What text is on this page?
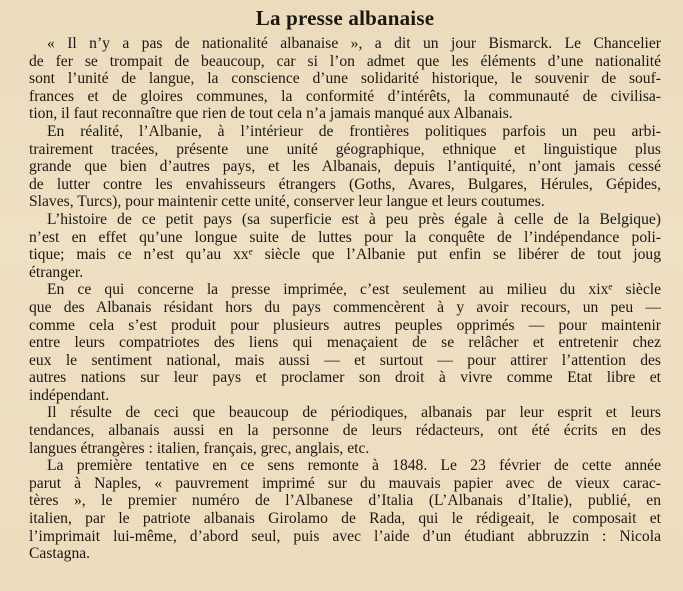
La presse albanaise
« Il n’y a pas de nationalité albanaise », a dit un jour Bismarck. Le Chancelier
de fer se trompait de beaucoup, car si l’on admet que les éléments d’une nationalité
sont l’unité de langue, la conscience d’une solidarité historique, le souvenir de souf-
frances et de gloires communes, la conformité d’intérêts, la communauté de civilisa-
tion, il faut reconnaître que rien de tout cela n’a jamais manqué aux Albanais.
En réalité, l’Albanie, à l’intérieur de frontières politiques parfois un peu arbi-
trairement tracées, présente une unité géographique, ethnique et linguistique plus
grande que bien d’autres pays, et les Albanais, depuis l’antiquité, n’ont jamais cessé
de lutter contre les envahisseurs étrangers (Goths, Avares, Bulgares, Hérules, Gépides,
Slaves, Turcs), pour maintenir cette unité, conserver leur langue et leurs coutumes.
L’histoire de ce petit pays (sa superficie est à peu près égale à celle de la Belgique)
n’est en effet qu’une longue suite de luttes pour la conquête de l’indépendance poli-
tique; mais ce n’est qu’au xxᵉ siècle que l’Albanie put enfin se libérer de tout joug
étranger.
En ce qui concerne la presse imprimée, c’est seulement au milieu du xixᵉ siècle
que des Albanais résidant hors du pays commencèrent à y avoir recours, un peu —
comme cela s’est produit pour plusieurs autres peuples opprimés — pour maintenir
entre leurs compatriotes des liens qui menaçaient de se relâcher et entretenir chez
eux le sentiment national, mais aussi — et surtout — pour attirer l’attention des
autres nations sur leur pays et proclamer son droit à vivre comme Etat libre et
indépendant.
Il résulte de ceci que beaucoup de périodiques, albanais par leur esprit et leurs
tendances, albanais aussi en la personne de leurs rédacteurs, ont été écrits en des
langues étrangères : italien, français, grec, anglais, etc.
La première tentative en ce sens remonte à 1848. Le 23 février de cette année
parut à Naples, « pauvrement imprimé sur du mauvais papier avec de vieux carac-
tères », le premier numéro de l’Albanese d’Italia (L’Albanais d’Italie), publié, en
italien, par le patriote albanais Girolamo de Rada, qui le rédigeait, le composait et
l’imprimait lui-même, d’abord seul, puis avec l’aide d’un étudiant abbruzzin : Nicola
Castagna.
